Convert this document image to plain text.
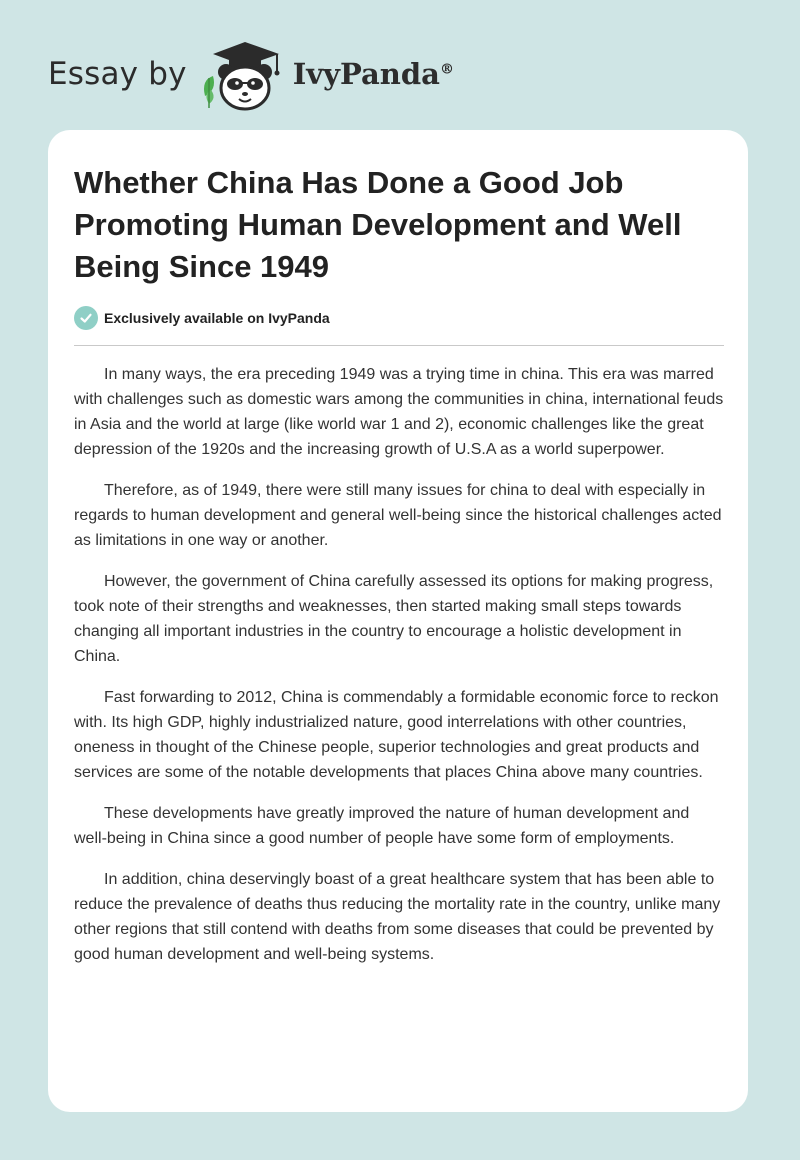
Essay by	IvyPanda®
Whether China Has Done a Good Job Promoting Human Development and Well Being Since 1949
Exclusively available on IvyPanda

In many ways, the era preceding 1949 was a trying time in china. This era was marred with challenges such as domestic wars among the communities in china, international feuds in Asia and the world at large (like world war 1 and 2), economic challenges like the great depression of the 1920s and the increasing growth of U.S.A as a world superpower.

Therefore, as of 1949, there were still many issues for china to deal with especially in regards to human development and general well-being since the historical challenges acted as limitations in one way or another.

However, the government of China carefully assessed its options for making progress, took note of their strengths and weaknesses, then started making small steps towards changing all important industries in the country to encourage a holistic development in China.

Fast forwarding to 2012, China is commendably a formidable economic force to reckon with. Its high GDP, highly industrialized nature, good interrelations with other countries, oneness in thought of the Chinese people, superior technologies and great products and services are some of the notable developments that places China above many countries.

These developments have greatly improved the nature of human development and well-being in China since a good number of people have some form of employments.

In addition, china deservingly boast of a great healthcare system that has been able to reduce the prevalence of deaths thus reducing the mortality rate in the country, unlike many other regions that still contend with deaths from some diseases that could be prevented by good human development and well-being systems.
